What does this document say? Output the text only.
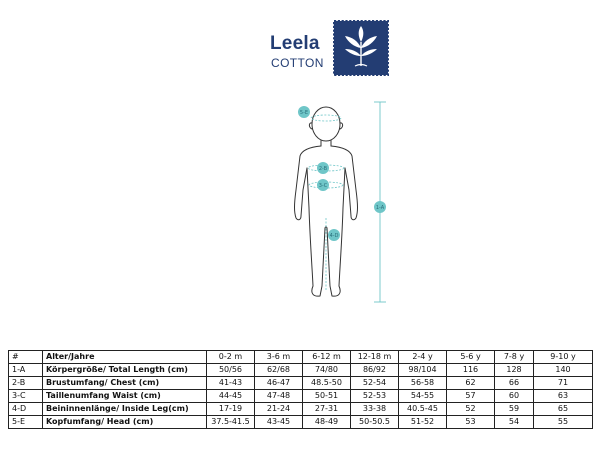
Leela
COTTON
5-E
2-B
3-C
4-D
1-A
#	Alter/Jahre	0-2 m	3-6 m	6-12 m	12-18 m	2-4 y	5-6 y	7-8 y	9-10 y
1-A	Körpergröße/ Total Length (cm)	50/56	62/68	74/80	86/92	98/104	116	128	140
2-B	Brustumfang/ Chest (cm)	41-43	46-47	48.5-50	52-54	56-58	62	66	71
3-C	Taillenumfang Waist (cm)	44-45	47-48	50-51	52-53	54-55	57	60	63
4-D	Beininnenlänge/ Inside Leg(cm)	17-19	21-24	27-31	33-38	40.5-45	52	59	65
5-E	Kopfumfang/ Head (cm)	37.5-41.5	43-45	48-49	50-50.5	51-52	53	54	55
